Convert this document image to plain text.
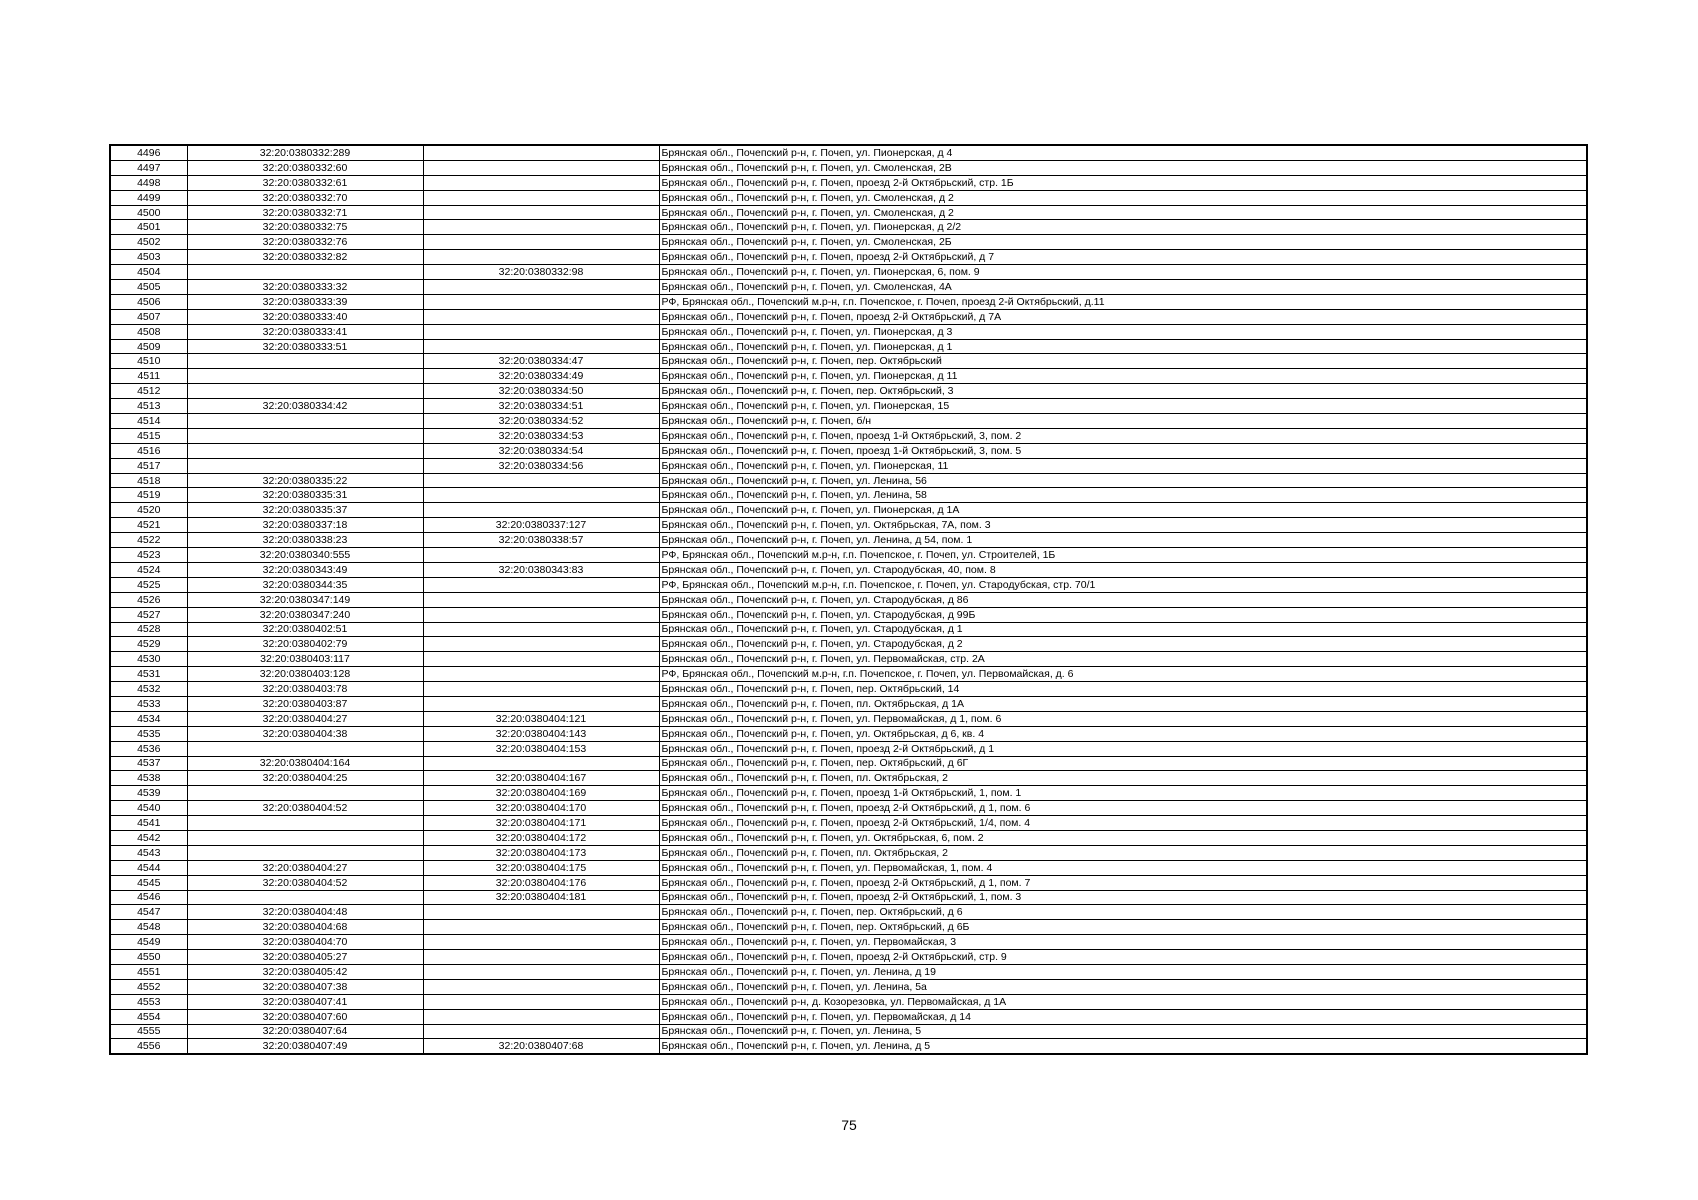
4496	32:20:0380332:289		Брянская обл., Почепский р-н, г. Почеп, ул. Пионерская, д 4
4497	32:20:0380332:60		Брянская обл., Почепский р-н, г. Почеп, ул. Смоленская, 2В
4498	32:20:0380332:61		Брянская обл., Почепский р-н, г. Почеп, проезд 2-й Октябрьский, стр. 1Б
4499	32:20:0380332:70		Брянская обл., Почепский р-н, г. Почеп, ул. Смоленская, д 2
4500	32:20:0380332:71		Брянская обл., Почепский р-н, г. Почеп, ул. Смоленская, д 2
4501	32:20:0380332:75		Брянская обл., Почепский р-н, г. Почеп, ул. Пионерская, д 2/2
4502	32:20:0380332:76		Брянская обл., Почепский р-н, г. Почеп, ул. Смоленская, 2Б
4503	32:20:0380332:82		Брянская обл., Почепский р-н, г. Почеп, проезд 2-й Октябрьский, д 7
4504		32:20:0380332:98	Брянская обл., Почепский р-н, г. Почеп, ул. Пионерская, 6, пом. 9
4505	32:20:0380333:32		Брянская обл., Почепский р-н, г. Почеп, ул. Смоленская, 4А
4506	32:20:0380333:39		РФ, Брянская обл., Почепский м.р-н, г.п. Почепское, г. Почеп, проезд 2-й Октябрьский, д.11
4507	32:20:0380333:40		Брянская обл., Почепский р-н, г. Почеп, проезд 2-й Октябрьский, д 7А
4508	32:20:0380333:41		Брянская обл., Почепский р-н, г. Почеп, ул. Пионерская, д 3
4509	32:20:0380333:51		Брянская обл., Почепский р-н, г. Почеп, ул. Пионерская, д 1
4510		32:20:0380334:47	Брянская обл., Почепский р-н, г. Почеп, пер. Октябрьский
4511		32:20:0380334:49	Брянская обл., Почепский р-н, г. Почеп, ул. Пионерская, д 11
4512		32:20:0380334:50	Брянская обл., Почепский р-н, г. Почеп, пер. Октябрьский, 3
4513	32:20:0380334:42	32:20:0380334:51	Брянская обл., Почепский р-н, г. Почеп, ул. Пионерская, 15
4514		32:20:0380334:52	Брянская обл., Почепский р-н, г. Почеп, б/н
4515		32:20:0380334:53	Брянская обл., Почепский р-н, г. Почеп, проезд 1-й Октябрьский, 3, пом. 2
4516		32:20:0380334:54	Брянская обл., Почепский р-н, г. Почеп, проезд 1-й Октябрьский, 3, пом. 5
4517		32:20:0380334:56	Брянская обл., Почепский р-н, г. Почеп, ул. Пионерская, 11
4518	32:20:0380335:22		Брянская обл., Почепский р-н, г. Почеп, ул. Ленина, 56
4519	32:20:0380335:31		Брянская обл., Почепский р-н, г. Почеп, ул. Ленина, 58
4520	32:20:0380335:37		Брянская обл., Почепский р-н, г. Почеп, ул. Пионерская, д 1А
4521	32:20:0380337:18	32:20:0380337:127	Брянская обл., Почепский р-н, г. Почеп, ул. Октябрьская, 7А, пом. 3
4522	32:20:0380338:23	32:20:0380338:57	Брянская обл., Почепский р-н, г. Почеп, ул. Ленина, д 54, пом. 1
4523	32:20:0380340:555		РФ, Брянская обл., Почепский м.р-н, г.п. Почепское, г. Почеп, ул. Строителей, 1Б
4524	32:20:0380343:49	32:20:0380343:83	Брянская обл., Почепский р-н, г. Почеп, ул. Стародубская, 40, пом. 8
4525	32:20:0380344:35		РФ, Брянская обл., Почепский м.р-н, г.п. Почепское, г. Почеп, ул. Стародубская, стр. 70/1
4526	32:20:0380347:149		Брянская обл., Почепский р-н, г. Почеп, ул. Стародубская, д 86
4527	32:20:0380347:240		Брянская обл., Почепский р-н, г. Почеп, ул. Стародубская, д 99Б
4528	32:20:0380402:51		Брянская обл., Почепский р-н, г. Почеп, ул. Стародубская, д 1
4529	32:20:0380402:79		Брянская обл., Почепский р-н, г. Почеп, ул. Стародубская, д 2
4530	32:20:0380403:117		Брянская обл., Почепский р-н, г. Почеп, ул. Первомайская, стр. 2А
4531	32:20:0380403:128		РФ, Брянская обл., Почепский м.р-н, г.п. Почепское, г. Почеп, ул. Первомайская, д. 6
4532	32:20:0380403:78		Брянская обл., Почепский р-н, г. Почеп, пер. Октябрьский, 14
4533	32:20:0380403:87		Брянская обл., Почепский р-н, г. Почеп, пл. Октябрьская, д 1А
4534	32:20:0380404:27	32:20:0380404:121	Брянская обл., Почепский р-н, г. Почеп, ул. Первомайская, д 1, пом. 6
4535	32:20:0380404:38	32:20:0380404:143	Брянская обл., Почепский р-н, г. Почеп, ул. Октябрьская, д 6, кв. 4
4536		32:20:0380404:153	Брянская обл., Почепский р-н, г. Почеп, проезд 2-й Октябрьский, д 1
4537	32:20:0380404:164		Брянская обл., Почепский р-н, г. Почеп, пер. Октябрьский, д 6Г
4538	32:20:0380404:25	32:20:0380404:167	Брянская обл., Почепский р-н, г. Почеп, пл. Октябрьская, 2
4539		32:20:0380404:169	Брянская обл., Почепский р-н, г. Почеп, проезд 1-й Октябрьский, 1, пом. 1
4540	32:20:0380404:52	32:20:0380404:170	Брянская обл., Почепский р-н, г. Почеп, проезд 2-й Октябрьский, д 1, пом. 6
4541		32:20:0380404:171	Брянская обл., Почепский р-н, г. Почеп, проезд 2-й Октябрьский, 1/4, пом. 4
4542		32:20:0380404:172	Брянская обл., Почепский р-н, г. Почеп, ул. Октябрьская, 6, пом. 2
4543		32:20:0380404:173	Брянская обл., Почепский р-н, г. Почеп, пл. Октябрьская, 2
4544	32:20:0380404:27	32:20:0380404:175	Брянская обл., Почепский р-н, г. Почеп, ул. Первомайская, 1, пом. 4
4545	32:20:0380404:52	32:20:0380404:176	Брянская обл., Почепский р-н, г. Почеп, проезд 2-й Октябрьский, д 1, пом. 7
4546		32:20:0380404:181	Брянская обл., Почепский р-н, г. Почеп, проезд 2-й Октябрьский, 1, пом. 3
4547	32:20:0380404:48		Брянская обл., Почепский р-н, г. Почеп, пер. Октябрьский, д 6
4548	32:20:0380404:68		Брянская обл., Почепский р-н, г. Почеп, пер. Октябрьский, д 6Б
4549	32:20:0380404:70		Брянская обл., Почепский р-н, г. Почеп, ул. Первомайская, 3
4550	32:20:0380405:27		Брянская обл., Почепский р-н, г. Почеп, проезд 2-й Октябрьский, стр. 9
4551	32:20:0380405:42		Брянская обл., Почепский р-н, г. Почеп, ул. Ленина, д 19
4552	32:20:0380407:38		Брянская обл., Почепский р-н, г. Почеп, ул. Ленина, 5а
4553	32:20:0380407:41		Брянская обл., Почепский р-н, д. Козорезовка, ул. Первомайская, д 1А
4554	32:20:0380407:60		Брянская обл., Почепский р-н, г. Почеп, ул. Первомайская, д 14
4555	32:20:0380407:64		Брянская обл., Почепский р-н, г. Почеп, ул. Ленина, 5
4556	32:20:0380407:49	32:20:0380407:68	Брянская обл., Почепский р-н, г. Почеп, ул. Ленина, д 5
75
